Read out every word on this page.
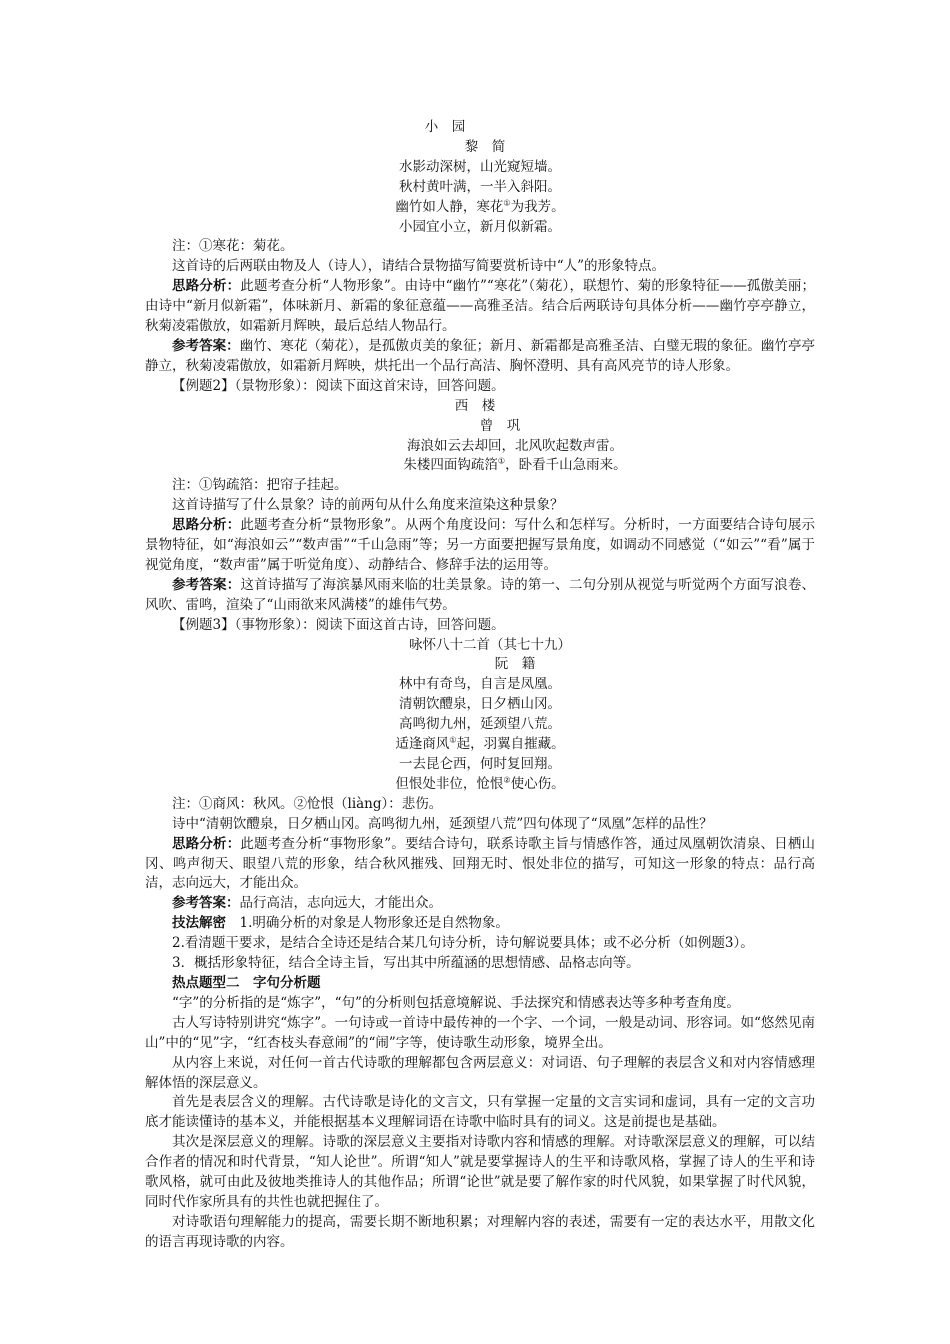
小　园

黎　简

水影动深树，山光窥短墙。

秋村黄叶满，一半入斜阳。

幽竹如人静，寒花①为我芳。

小园宜小立，新月似新霜。

注：①寒花：菊花。

这首诗的后两联由物及人（诗人），请结合景物描写简要赏析诗中“人”的形象特点。

思路分析：此题考查分析“人物形象”。由诗中“幽竹”“寒花”（菊花），联想竹、菊的形象特征——孤傲美丽；由诗中“新月似新霜”，体味新月、新霜的象征意蕴——高雅圣洁。结合后两联诗句具体分析——幽竹亭亭静立，秋菊凌霜傲放，如霜新月辉映，最后总结人物品行。

参考答案：幽竹、寒花（菊花），是孤傲贞美的象征；新月、新霜都是高雅圣洁、白璧无瑕的象征。幽竹亭亭静立，秋菊凌霜傲放，如霜新月辉映，烘托出一个品行高洁、胸怀澄明、具有高风亮节的诗人形象。

【例题2】（景物形象）：阅读下面这首宋诗，回答问题。

西　楼

曾　巩

海浪如云去却回，北风吹起数声雷。

朱楼四面钩疏箔①，卧看千山急雨来。

注：①钩疏箔：把帘子挂起。

这首诗描写了什么景象？诗的前两句从什么角度来渲染这种景象？

思路分析：此题考查分析“景物形象”。从两个角度设问：写什么和怎样写。分析时，一方面要结合诗句展示景物特征，如“海浪如云”“数声雷”“千山急雨”等；另一方面要把握写景角度，如调动不同感觉（“如云”“看”属于视觉角度，“数声雷”属于听觉角度）、动静结合、修辞手法的运用等。

参考答案：这首诗描写了海滨暴风雨来临的壮美景象。诗的第一、二句分别从视觉与听觉两个方面写浪卷、风吹、雷鸣，渲染了“山雨欲来风满楼”的雄伟气势。

【例题3】（事物形象）：阅读下面这首古诗，回答问题。

咏怀八十二首（其七十九）

阮　籍

林中有奇鸟，自言是凤凰。

清朝饮醴泉，日夕栖山冈。

高鸣彻九州，延颈望八荒。

适逢商风①起，羽翼自摧藏。

一去昆仑西，何时复回翔。

但恨处非位，怆恨②使心伤。

注：①商风：秋风。②怆恨（liàng）：悲伤。

诗中“清朝饮醴泉，日夕栖山冈。高鸣彻九州，延颈望八荒”四句体现了“凤凰”怎样的品性？

思路分析：此题考查分析“事物形象”。要结合诗句，联系诗歌主旨与情感作答，通过凤凰朝饮清泉、日栖山冈、鸣声彻天、眼望八荒的形象，结合秋风摧残、回翔无时、恨处非位的描写，可知这一形象的特点：品行高洁，志向远大，才能出众。

参考答案：品行高洁，志向远大，才能出众。

技法解密  1.明确分析的对象是人物形象还是自然物象。

2.看清题干要求，是结合全诗还是结合某几句诗分析，诗句解说要具体；或不必分析（如例题3）。

3．概括形象特征，结合全诗主旨，写出其中所蕴涵的思想情感、品格志向等。

热点题型二　字句分析题

“字”的分析指的是“炼字”，“句”的分析则包括意境解说、手法探究和情感表达等多种考查角度。

古人写诗特别讲究“炼字”。一句诗或一首诗中最传神的一个字、一个词，一般是动词、形容词。如“悠然见南山”中的“见”字，“红杏枝头春意闹”的“闹”字等，使诗歌生动形象，境界全出。

从内容上来说，对任何一首古代诗歌的理解都包含两层意义：对词语、句子理解的表层含义和对内容情感理解体悟的深层意义。

首先是表层含义的理解。古代诗歌是诗化的文言文，只有掌握一定量的文言实词和虚词，具有一定的文言功底才能读懂诗的基本义，并能根据基本义理解词语在诗歌中临时具有的词义。这是前提也是基础。

其次是深层意义的理解。诗歌的深层意义主要指对诗歌内容和情感的理解。对诗歌深层意义的理解，可以结合作者的情况和时代背景，“知人论世”。所谓“知人”就是要掌握诗人的生平和诗歌风格，掌握了诗人的生平和诗歌风格，就可由此及彼地类推诗人的其他作品；所谓“论世”就是要了解作家的时代风貌，如果掌握了时代风貌，同时代作家所具有的共性也就把握住了。

对诗歌语句理解能力的提高，需要长期不断地积累；对理解内容的表述，需要有一定的表达水平，用散文化的语言再现诗歌的内容。
